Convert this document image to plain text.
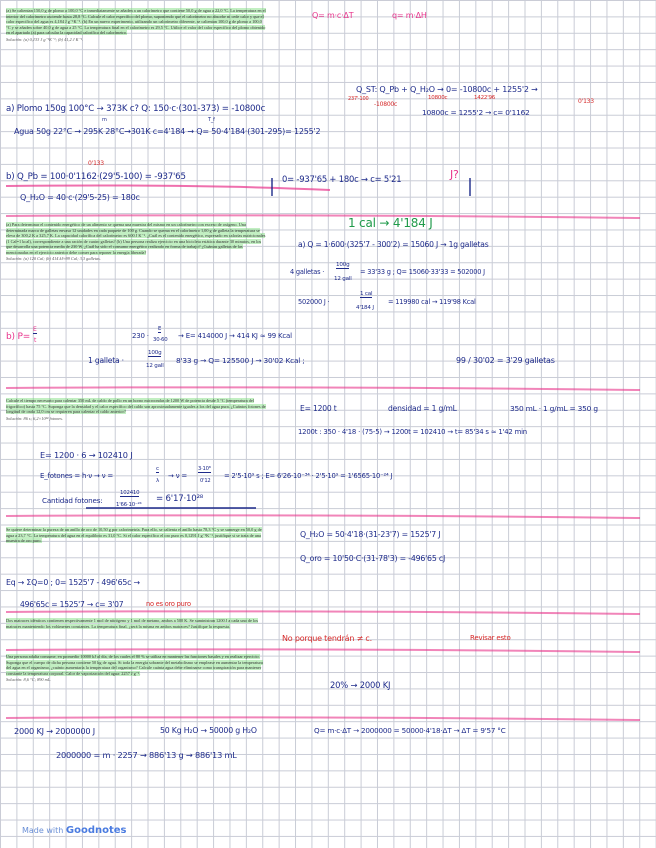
(a) Se calientan 150,0 g de plomo a 100,0 °C e inmediatamente se añaden a un calorímetro que contiene 50,0 g de agua a 22,0 °C. La temperatura en el interior del calorímetro asciende hasta 28,8 °C. Calcule el calor específico del plomo, suponiendo que el calorímetro no absorbe ni cede calor y que el calor específico del agua es 4,184 J g⁻¹K⁻¹. (b) En un nuevo experimento, utilizando un calorímetro diferente, se calientan 100,0 g de plomo a 100,0 °C y se añaden sobre 40,0 g de agua a 25 °C. La temperatura final en el calorímetro es 29,5 °C. Utilice el valor del calor específico del plomo obtenido en el apartado (a) para calcular la capacidad calorífica del calorímetro.
Solución: (a) 0,133 J g⁻¹K⁻¹; (b) 41,2 J K⁻¹.
(a) Para determinar el contenido energético de un alimento se quema una muestra del mismo en un calorímetro con exceso de oxígeno. Una determinada marca de galletas envasa 12 unidades en cada paquete de 100 g. Cuando se quema en el calorímetro 1,00 g de galleta la temperatura se eleva de 300,2 K a 325,7 K. La capacidad calorífica del calorímetro es 600 J K⁻¹. ¿Cuál es el contenido energético, expresado en calorías nutricionales (1 Cal=1 kcal), correspondiente a una ración de cuatro galletas? (b) Una persona realiza ejercicio en una bicicleta estática durante 30 minutos, en los que desarrolla una potencia media de 230 W. ¿Cuál ha sido el consumo energético realizado en forma de trabajo? ¿Cuántas galletas de las mencionadas en el ejercicio anterior debe comer para reponer la energía liberada?
Solución: (a) 120 Cal; (b) 414 kJ≈99 Cal; 3,3 galletas.
Calcule el tiempo necesario para calentar 350 mL de caldo de pollo en un horno microondas de 1200 W de potencia desde 5 °C (temperatura del frigorífico) hasta 75 °C. Suponga que la densidad y el calor específico del caldo son aproximadamente iguales a los del agua pura. ¿Cuántos fotones de longitud de onda 12,0 cm se requieren para calentar el caldo anterior?
Solución: 86 s; 6,2×10²⁸ fotones.
Se quiere determinar la pureza de un anillo de oro de 10,50 g por calorimetría. Para ello, se calienta el anillo hasta 78,3 °C y se sumerge en 50,0 g de agua a 23,7 °C. La temperatura del agua en el equilibrio es 31,0 °C. Si el calor específico el oro puro es 0,1291 J g⁻¹K⁻¹, justifique si se trata de una muestra de oro puro.
Dos matraces idénticos contienen respectivamente 1 mol de nitrógeno y 1 mol de metano, ambos a 500 K. Se suministran 1200 J a cada uno de los matraces manteniendo los volúmenes constantes. La temperatura final, ¿será la misma en ambos matraces? Justifique la respuesta.
Una persona adulta consume, en promedio 10000 kJ al día, de los cuales el 80 % se utiliza en mantener las funciones basales y en realizar ejercicio. Suponga que el cuerpo de dicha persona contiene 50 kg de agua. Si toda la energía sobrante del metabolismo se emplease en aumentar la temperatura del agua en el organismo, ¿cuánto aumentaría la temperatura del organismo? Calcule cuánta agua debe eliminarse como transpiración para mantener constante la temperatura corporal. Calor de vaporización del agua: 2257 J g⁻¹.
Solución: 8,6 °C; 890 mL.
Q= m·c·ΔT	q= m·ΔH
Q_ST: Q_Pb + Q_H₂O → 0= -10800c + 1255'2 →
237'·100
-10800c
10800c	1422'96
a) Plomo 150g 100°C → 373K c? Q: 150·c·(301-373) = -10800c
Agua 50g 22°C → 295K 28°C→301K c=4'184 → Q= 50·4'184·(301-295)= 1255'2
10800c = 1255'2 → c= 0'1162
0'133
T_f
m
b) Q_Pb = 100·0'1162·(29'5-100) = -937'65
Q_H₂O = 40·c·(29'5-25) = 180c
0= -937'65 + 180c → c= 5'21	J?
0'133
1 cal → 4'184 J
a) Q = 1·600·(325'7 - 300'2) = 15060 J → 1g galletas
4 galletas ·
100g
12 gall
= 33'33 g ; Q= 15060·33'33 = 502000 J
502000 J ·
1 cal
4'184 J
= 119980 cal → 119'98 Kcal
b) P=
E
t
230 ·
E
30·60 → E= 414000 J → 414 KJ ≈ 99 Kcal
1 galleta ·
100g
12 gall
8'33 g → Q= 125500 J → 30'02 Kcal ;	99 / 30'02 = 3'29 galletas
E= 1200 t	densidad = 1 g/mL	350 mL · 1 g/mL = 350 g
1200t : 350 · 4'18 · (75-5) → 1200t = 102410 → t= 85'34 s ≈ 1'42 min
E= 1200 · 6 → 102410 J
E_fotones = h·ν → ν =
c
λ
→ ν =
3·10⁸
0'12
= 2'5·10⁹ s ; E= 6'26·10⁻³⁴ · 2'5·10⁹ = 1'6565·10⁻²⁴ J
Cantidad fotones:
102410
1'66·10⁻²⁴
= 6'17·10²⁸
Q_H₂O = 50·4'18·(31-23'7) = 1525'7 J
Q_oro = 10'50·C·(31-78'3) = -496'65 cJ
Eq → ΣQ=0 ; 0= 1525'7 - 496'65c →
496'65c = 1525'7 → c= 3'07	no es oro puro
No porque tendrán ≠ c.	Revisar esto
20% → 2000 KJ
2000 KJ → 2000000 J	50 Kg H₂O → 50000 g H₂O	Q= m·c·ΔT → 2000000 = 50000·4'18·ΔT → ΔT = 9'57 °C
2000000 = m · 2257 → 886'13 g → 886'13 mL
Made with Goodnotes
